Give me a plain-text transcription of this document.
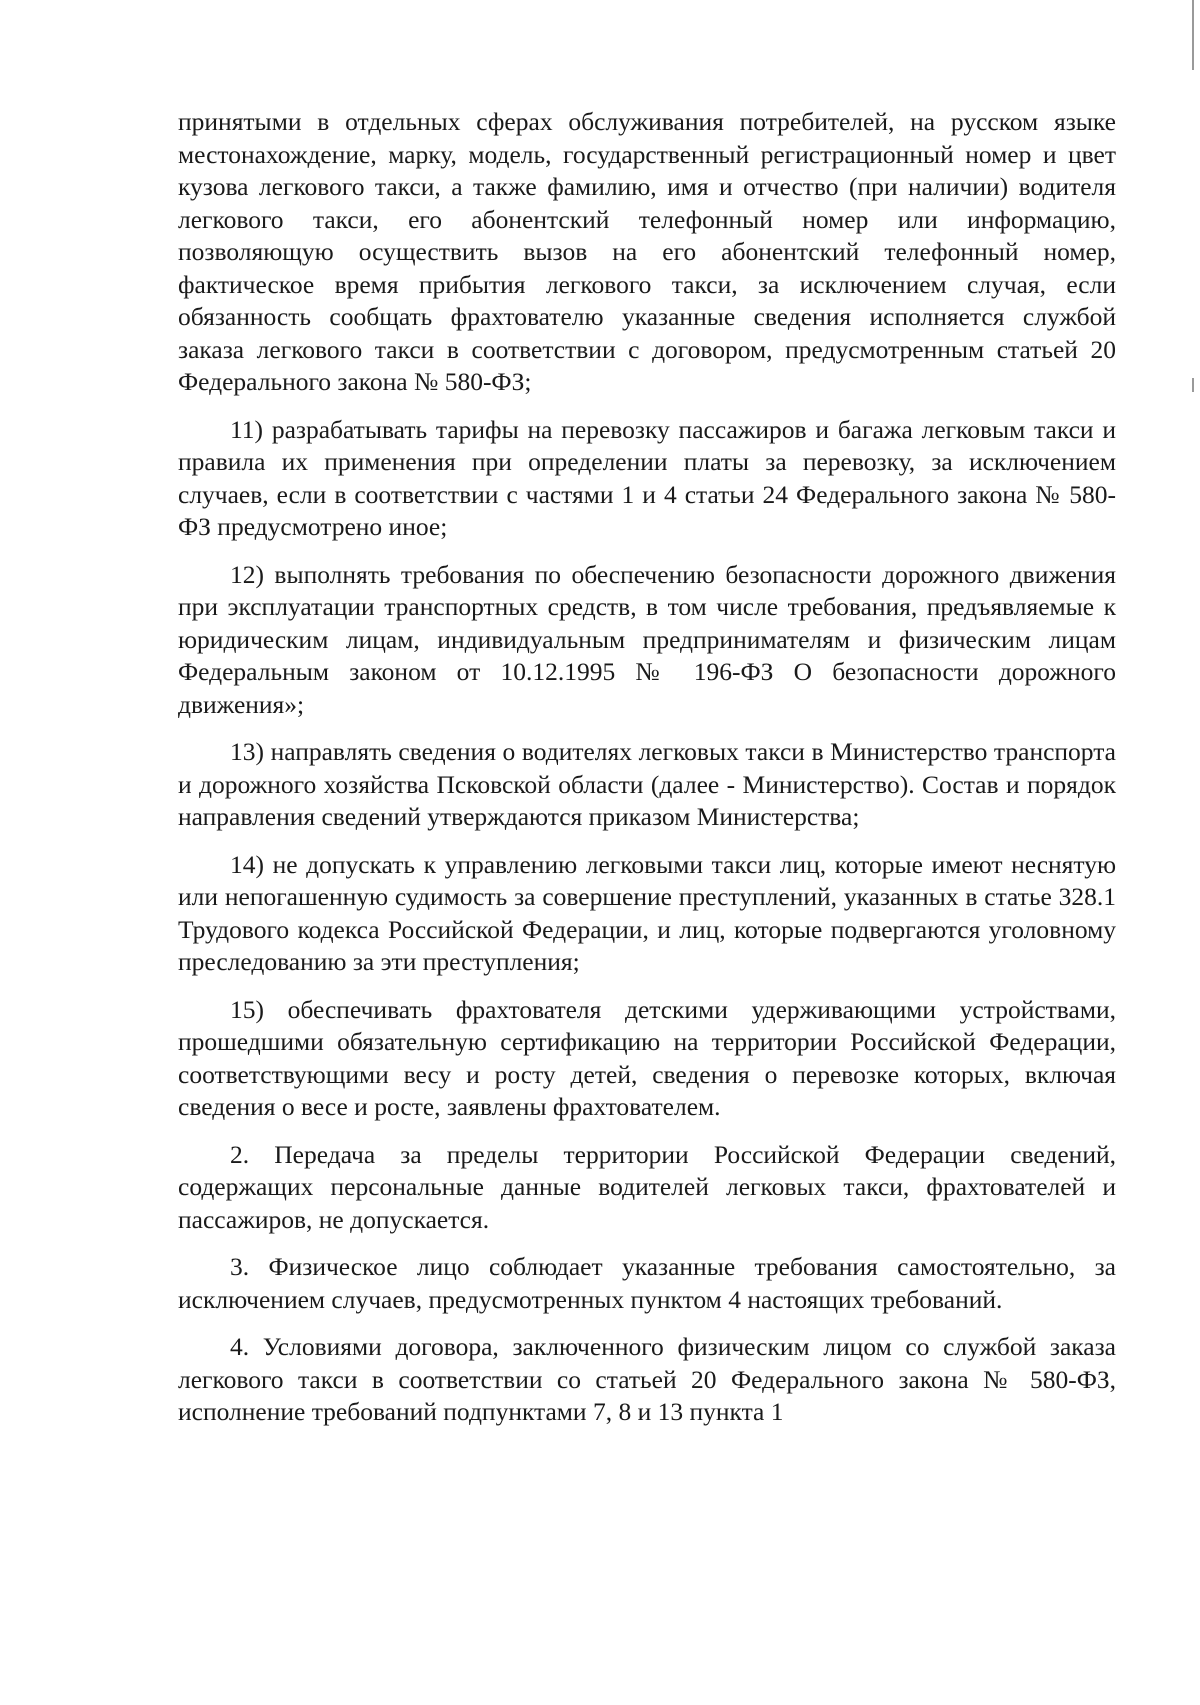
принятыми в отдельных сферах обслуживания потребителей, на русском языке местонахождение, марку, модель, государственный регистрационный номер и цвет кузова легкового такси, а также фамилию, имя и отчество (при наличии) водителя легкового такси, его абонентский телефонный номер или информацию, позволяющую осуществить вызов на его абонентский телефонный номер, фактическое время прибытия легкового такси, за исключением случая, если обязанность сообщать фрахтователю указанные сведения исполняется службой заказа легкового такси в соответствии с договором, предусмотренным статьей 20 Федерального закона № 580-ФЗ;

11) разрабатывать тарифы на перевозку пассажиров и багажа легковым такси и правила их применения при определении платы за перевозку, за исключением случаев, если в соответствии с частями 1 и 4 статьи 24 Федерального закона № 580-ФЗ предусмотрено иное;

12) выполнять требования по обеспечению безопасности дорожного движения при эксплуатации транспортных средств, в том числе требования, предъявляемые к юридическим лицам, индивидуальным предпринимателям и физическим лицам Федеральным законом от 10.12.1995 № 196-ФЗ О безопасности дорожного движения»;

13) направлять сведения о водителях легковых такси в Министерство транспорта и дорожного хозяйства Псковской области (далее - Министерство). Состав и порядок направления сведений утверждаются приказом Министерства;

14) не допускать к управлению легковыми такси лиц, которые имеют неснятую или непогашенную судимость за совершение преступлений, указанных в статье 328.1 Трудового кодекса Российской Федерации, и лиц, которые подвергаются уголовному преследованию за эти преступления;

15) обеспечивать фрахтователя детскими удерживающими устройствами, прошедшими обязательную сертификацию на территории Российской Федерации, соответствующими весу и росту детей, сведения о перевозке которых, включая сведения о весе и росте, заявлены фрахтователем.

2. Передача за пределы территории Российской Федерации сведений, содержащих персональные данные водителей легковых такси, фрахтователей и пассажиров, не допускается.

3. Физическое лицо соблюдает указанные требования самостоятельно, за исключением случаев, предусмотренных пунктом 4 настоящих требований.

4. Условиями договора, заключенного физическим лицом со службой заказа легкового такси в соответствии со статьей 20 Федерального закона № 580-ФЗ, исполнение требований подпунктами 7, 8 и 13 пункта 1
